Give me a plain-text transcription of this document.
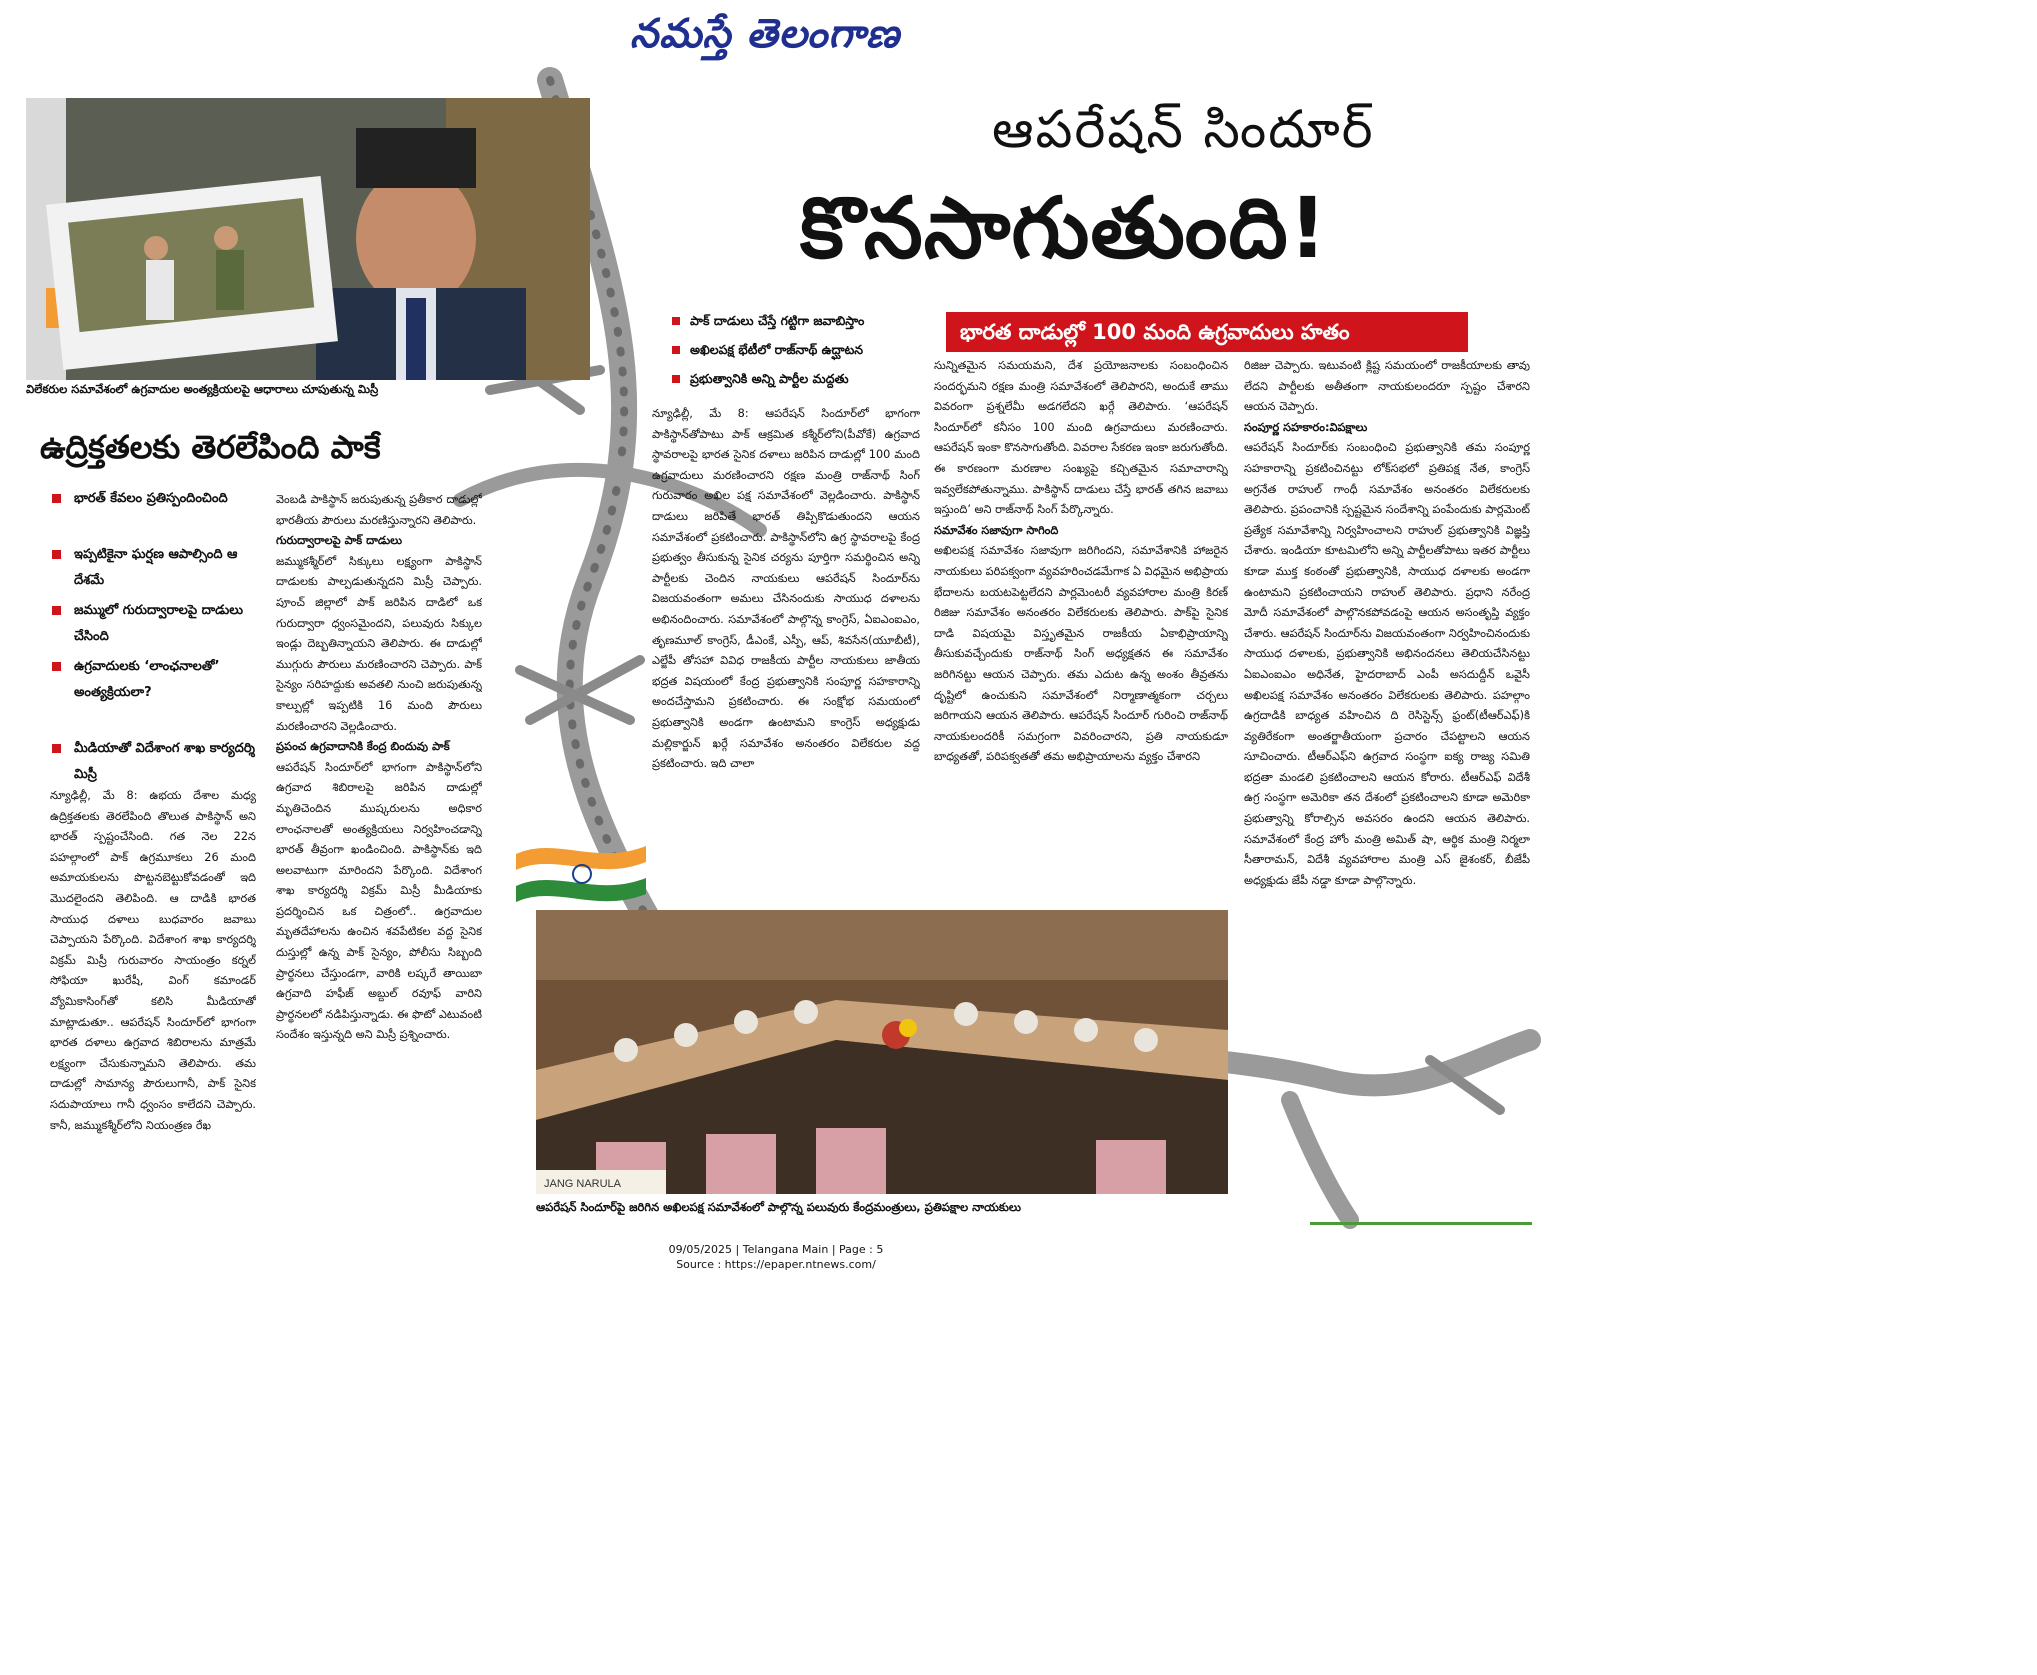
నమస్తే తెలంగాణ
విలేకరుల సమావేశంలో ఉగ్రవాదుల అంత్యక్రియలపై ఆధారాలు చూపుతున్న మిస్రీ
ఉద్రిక్తతలకు తెరలేపింది పాకే
భారత్‌ కేవలం ప్రతిస్పందించింది
ఇప్పటికైనా ఘర్షణ ఆపాల్సింది ఆ దేశమే
జమ్ములో గురుద్వారాలపై దాడులు చేసింది
ఉగ్రవాదులకు ‘లాంఛనాలతో’ అంత్యక్రియలా?
మీడియాతో విదేశాంగ శాఖ కార్యదర్శి మిస్రీ

న్యూఢిల్లీ, మే 8: ఉభయ దేశాల మధ్య ఉద్రిక్తతలకు తెరలేపింది తొలుత పాకిస్థాన్‌ అని భారత్‌ స్పష్టంచేసింది. గత నెల 22న పహల్గాంలో పాక్‌ ఉగ్రమూకలు 26 మంది అమాయకులను పొట్టనబెట్టుకోవడంతో ఇది మొదలైందని తెలిపింది. ఆ దాడికి భారత సాయుధ దళాలు బుధవారం జవాబు చెప్పాయని పేర్కొంది. విదేశాంగ శాఖ కార్యదర్శి విక్రమ్‌ మిస్రీ గురువారం సాయంత్రం కర్నల్‌ సోఫియా ఖురేషీ, వింగ్‌ కమాండర్‌ వ్యోమికాసింగ్‌తో కలిసి మీడియాతో మాట్లాడుతూ.. ఆపరేషన్‌ సిందూర్‌లో భాగంగా భారత దళాలు ఉగ్రవాద శిబిరాలను మాత్రమే లక్ష్యంగా చేసుకున్నామని తెలిపారు. తమ దాడుల్లో సామాన్య పౌరులుగానీ, పాక్‌ సైనిక సదుపాయాలు గానీ ధ్వంసం కాలేదని చెప్పారు. కానీ, జమ్ముకశ్మీర్‌లోని నియంత్రణ రేఖ

వెంబడి పాకిస్థాన్‌ జరుపుతున్న ప్రతీకార దాడుల్లో భారతీయ పౌరులు మరణిస్తున్నారని తెలిపారు.

గురుద్వారాలపై పాక్‌ దాడులు

జమ్ముకశ్మీర్‌లో సిక్కులు లక్ష్యంగా పాకిస్థాన్‌ దాడులకు పాల్పడుతున్నదని మిస్రీ చెప్పారు. పూంచ్‌ జిల్లాలో పాక్‌ జరిపిన దాడిలో ఒక గురుద్వారా ధ్వంసమైందని, పలువురు సిక్కుల ఇండ్లు దెబ్బతిన్నాయని తెలిపారు. ఈ దాడుల్లో ముగ్గురు పౌరులు మరణించారని చెప్పారు. పాక్‌ సైన్యం సరిహద్దుకు అవతలి నుంచి జరుపుతున్న కాల్పుల్లో ఇప్పటికి 16 మంది పౌరులు మరణించారని వెల్లడించారు.

ప్రపంచ ఉగ్రవాదానికి కేంద్ర బిందువు పాక్‌

ఆపరేషన్‌ సిందూర్‌లో భాగంగా పాకిస్థాన్‌లోని ఉగ్రవాద శిబిరాలపై జరిపిన దాడుల్లో మృతిచెందిన ముష్కరులను అధికార లాంఛనాలతో అంత్యక్రియలు నిర్వహించడాన్ని భారత్‌ తీవ్రంగా ఖండించింది. పాకిస్థాన్‌కు ఇది అలవాటుగా మారిందని పేర్కొంది. విదేశాంగ శాఖ కార్యదర్శి విక్రమ్‌ మిస్రీ మీడియాకు ప్రదర్శించిన ఒక చిత్రంలో.. ఉగ్రవాదుల మృతదేహాలను ఉంచిన శవపేటికల వద్ద సైనిక దుస్తుల్లో ఉన్న పాక్‌ సైన్యం, పోలీసు సిబ్బంది ప్రార్థనలు చేస్తుండగా, వారికి లష్కరే తాయిబా ఉగ్రవాది హఫీజ్‌ అబ్దుల్‌ రవూఫ్‌ వారిని ప్రార్థనలలో నడిపిస్తున్నాడు. ఈ ఫొటో ఎటువంటి సందేశం ఇస్తున్నది అని మిస్రీ ప్రశ్నించారు.

ఆపరేషన్‌ సిందూర్‌
కొనసాగుతుంది!
భారత దాడుల్లో 100 మంది ఉగ్రవాదులు హతం
పాక్‌ దాడులు చేస్తే గట్టిగా జవాబిస్తాం
అఖిలపక్ష భేటీలో రాజ్‌నాథ్‌ ఉద్ఘాటన
ప్రభుత్వానికి అన్ని పార్టీల మద్దతు

న్యూఢిల్లీ, మే 8: ఆపరేషన్‌ సిందూర్‌లో భాగంగా పాకిస్థాన్‌తోపాటు పాక్‌ ఆక్రమిత కశ్మీర్‌లోని(పీవోకే) ఉగ్రవాద స్థావరాలపై భారత సైనిక దళాలు జరిపిన దాడుల్లో 100 మంది ఉగ్రవాదులు మరణించారని రక్షణ మంత్రి రాజ్‌నాథ్‌ సింగ్‌ గురువారం అఖిల పక్ష సమావేశంలో వెల్లడించారు. పాకిస్థాన్‌ దాడులు జరిపితే భారత్‌ తిప్పికొడుతుందని ఆయన సమావేశంలో ప్రకటించారు. పాకిస్థాన్‌లోని ఉగ్ర స్థావరాలపై కేంద్ర ప్రభుత్వం తీసుకున్న సైనిక చర్యను పూర్తిగా సమర్థించిన అన్ని పార్టీలకు చెందిన నాయకులు ఆపరేషన్‌ సిందూర్‌ను విజయవంతంగా అమలు చేసినందుకు సాయుధ దళాలను అభినందించారు. సమావేశంలో పాల్గొన్న కాంగ్రెస్‌, ఏఐఎంఐఎం, తృణమూల్‌ కాంగ్రెస్‌, డీఎంకే, ఎస్పీ, ఆప్‌, శివసేన(యూబీటీ), ఎల్జేపీ తోసహా వివిధ రాజకీయ పార్టీల నాయకులు జాతీయ భద్రత విషయంలో కేంద్ర ప్రభుత్వానికి సంపూర్ణ సహకారాన్ని అందచేస్తామని ప్రకటించారు. ఈ సంక్షోభ సమయంలో ప్రభుత్వానికి అండగా ఉంటామని కాంగ్రెస్‌ అధ్యక్షుడు మల్లికార్జున్‌ ఖర్గే సమావేశం అనంతరం విలేకరుల వద్ద ప్రకటించారు. ఇది చాలా

సున్నితమైన సమయమని, దేశ ప్రయోజనాలకు సంబంధించిన సందర్భమని రక్షణ మంత్రి సమావేశంలో తెలిపారని, అందుకే తాము వివరంగా ప్రశ్నలేమీ అడగలేదని ఖర్గే తెలిపారు. ‘ఆపరేషన్‌ సిందూర్‌లో కనీసం 100 మంది ఉగ్రవాదులు మరణించారు. ఆపరేషన్‌ ఇంకా కొనసాగుతోంది. వివరాల సేకరణ ఇంకా జరుగుతోంది. ఈ కారణంగా మరణాల సంఖ్యపై కచ్చితమైన సమాచారాన్ని ఇవ్వలేకపోతున్నాము. పాకిస్థాన్‌ దాడులు చేస్తే భారత్‌ తగిన జవాబు ఇస్తుంది’ అని రాజ్‌నాథ్‌ సింగ్‌ పేర్కొన్నారు.

సమావేశం సజావుగా సాగింది

అఖిలపక్ష సమావేశం సజావుగా జరిగిందని, సమావేశానికి హాజరైన నాయకులు పరిపక్వంగా వ్యవహరించడమేగాక ఏ విధమైన అభిప్రాయ భేదాలను బయటపెట్టలేదని పార్లమెంటరీ వ్యవహారాల మంత్రి కిరణ్‌ రిజిజు సమావేశం అనంతరం విలేకరులకు తెలిపారు. పాక్‌పై సైనిక దాడి విషయమై విస్తృతమైన రాజకీయ ఏకాభిప్రాయాన్ని తీసుకువచ్చేందుకు రాజ్‌నాథ్‌ సింగ్‌ అధ్యక్షతన ఈ సమావేశం జరిగినట్టు ఆయన చెప్పారు. తమ ఎదుట ఉన్న అంశం తీవ్రతను దృష్టిలో ఉంచుకుని సమావేశంలో నిర్మాణాత్మకంగా చర్చలు జరిగాయని ఆయన తెలిపారు. ఆపరేషన్‌ సిందూర్‌ గురించి రాజ్‌నాథ్‌ నాయకులందరికీ సమగ్రంగా వివరించారని, ప్రతి నాయకుడూ బాధ్యతతో, పరిపక్వతతో తమ అభిప్రాయాలను వ్యక్తం చేశారని

రిజిజు చెప్పారు. ఇటువంటి క్లిష్ట సమయంలో రాజకీయాలకు తావు లేదని పార్టీలకు అతీతంగా నాయకులందరూ స్పష్టం చేశారని ఆయన చెప్పారు.

సంపూర్ణ సహకారం:విపక్షాలు

ఆపరేషన్‌ సిందూర్‌కు సంబంధించి ప్రభుత్వానికి తమ సంపూర్ణ సహకారాన్ని ప్రకటించినట్టు లోక్‌సభలో ప్రతిపక్ష నేత, కాంగ్రెస్‌ అగ్రనేత రాహుల్‌ గాంధీ సమావేశం అనంతరం విలేకరులకు తెలిపారు. ప్రపంచానికి స్పష్టమైన సందేశాన్ని పంపేందుకు పార్లమెంట్‌ ప్రత్యేక సమావేశాన్ని నిర్వహించాలని రాహుల్‌ ప్రభుత్వానికి విజ్ఞప్తి చేశారు. ఇండియా కూటమిలోని అన్ని పార్టీలతోపాటు ఇతర పార్టీలు కూడా ముక్త కంఠంతో ప్రభుత్వానికి, సాయుధ దళాలకు అండగా ఉంటామని ప్రకటించాయని రాహుల్‌ తెలిపారు. ప్రధాని నరేంద్ర మోదీ సమావేశంలో పాల్గొనకపోవడంపై ఆయన అసంతృప్తి వ్యక్తం చేశారు. ఆపరేషన్‌ సిందూర్‌ను విజయవంతంగా నిర్వహించినందుకు సాయుధ దళాలకు, ప్రభుత్వానికి అభినందనలు తెలియచేసినట్టు ఏఐఎంఐఎం అధినేత, హైదరాబాద్‌ ఎంపీ అసదుద్దీన్‌ ఒవైసీ అఖిలపక్ష సమావేశం అనంతరం విలేకరులకు తెలిపారు. పహల్గాం ఉగ్రదాడికి బాధ్యత వహించిన ది రెసిస్టెన్స్‌ ఫ్రంట్‌(టీఆర్‌ఎఫ్‌)కి వ్యతిరేకంగా అంతర్జాతీయంగా ప్రచారం చేపట్టాలని ఆయన సూచించారు. టీఆర్‌ఎఫ్‌ని ఉగ్రవాద సంస్థగా ఐక్య రాజ్య సమితి భద్రతా మండలి ప్రకటించాలని ఆయన కోరారు. టీఆర్‌ఎఫ్‌ విదేశీ ఉగ్ర సంస్థగా అమెరికా తన దేశంలో ప్రకటించాలని కూడా అమెరికా ప్రభుత్వాన్ని కోరాల్సిన అవసరం ఉందని ఆయన తెలిపారు. సమావేశంలో కేంద్ర హోం మంత్రి అమిత్‌ షా, ఆర్థిక మంత్రి నిర్మలా సీతారామన్‌, విదేశీ వ్యవహారాల మంత్రి ఎస్‌ జైశంకర్‌, బీజేపీ అధ్యక్షుడు జేపీ నడ్డా కూడా పాల్గొన్నారు.

JANG NARULA
ఆపరేషన్‌ సిందూర్‌పై జరిగిన అఖిలపక్ష సమావేశంలో పాల్గొన్న పలువురు కేంద్రమంత్రులు, ప్రతిపక్షాల నాయకులు
09/05/2025 | Telangana Main | Page : 5
Source : https://epaper.ntnews.com/
